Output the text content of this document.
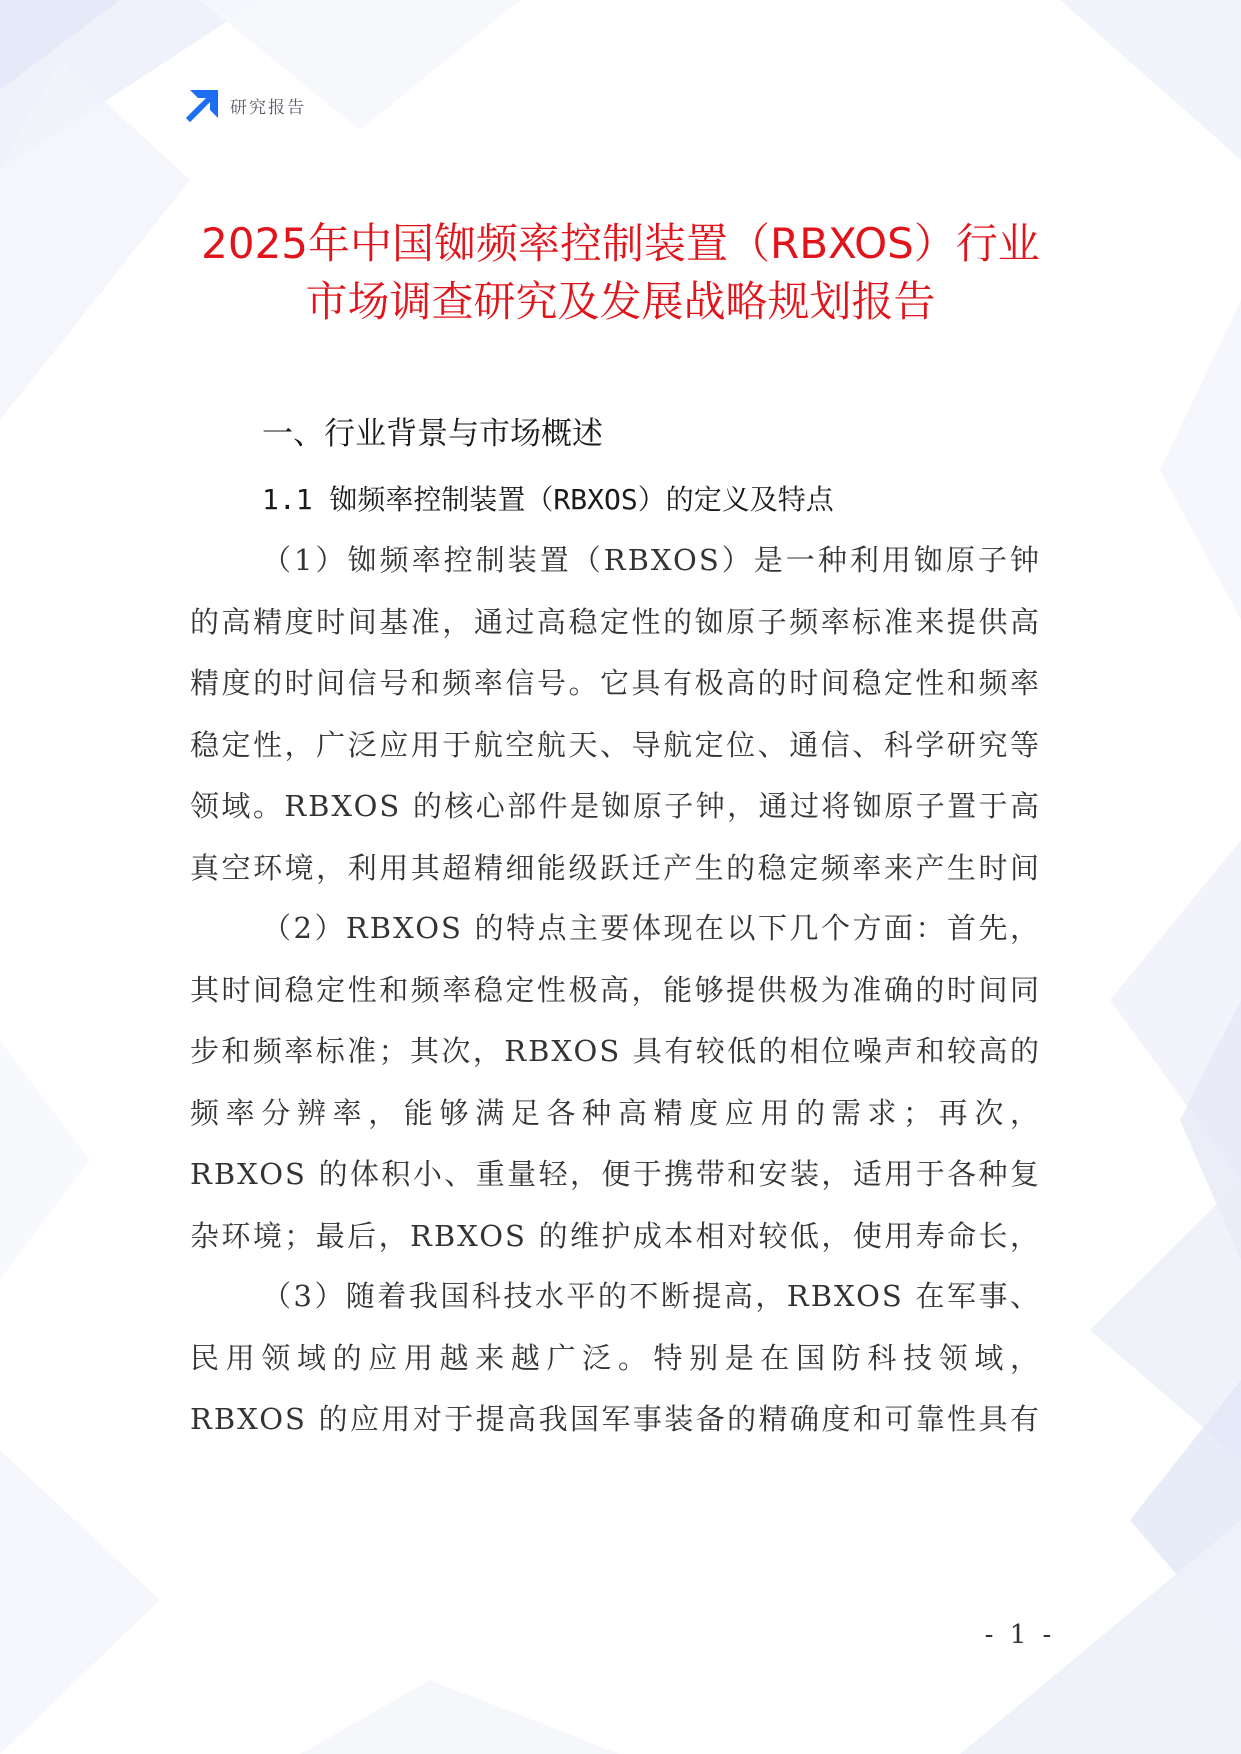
研究报告
2025年中国铷频率控制装置（RBXOS）行业
市场调查研究及发展战略规划报告
一、行业背景与市场概述
1.1 铷频率控制装置（RBXOS）的定义及特点

（1）铷频率控制装置（RBXOS）是一种利用铷原子钟的高精度时间基准，通过高稳定性的铷原子频率标准来提供高精度的时间信号和频率信号。它具有极高的时间稳定性和频率稳定性，广泛应用于航空航天、导航定位、通信、科学研究等领域。RBXOS 的核心部件是铷原子钟，通过将铷原子置于高真空环境，利用其超精细能级跃迁产生的稳定频率来产生时间

（2）RBXOS 的特点主要体现在以下几个方面：首先，其时间稳定性和频率稳定性极高，能够提供极为准确的时间同步和频率标准；其次，RBXOS 具有较低的相位噪声和较高的频率分辨率，能够满足各种高精度应用的需求；再次，RBXOS 的体积小、重量轻，便于携带和安装，适用于各种复杂环境；最后，RBXOS 的维护成本相对较低，使用寿命长，

（3）随着我国科技水平的不断提高，RBXOS 在军事、民用领域的应用越来越广泛。特别是在国防科技领域，RBXOS 的应用对于提高我国军事装备的精确度和可靠性具有

- 1 -
